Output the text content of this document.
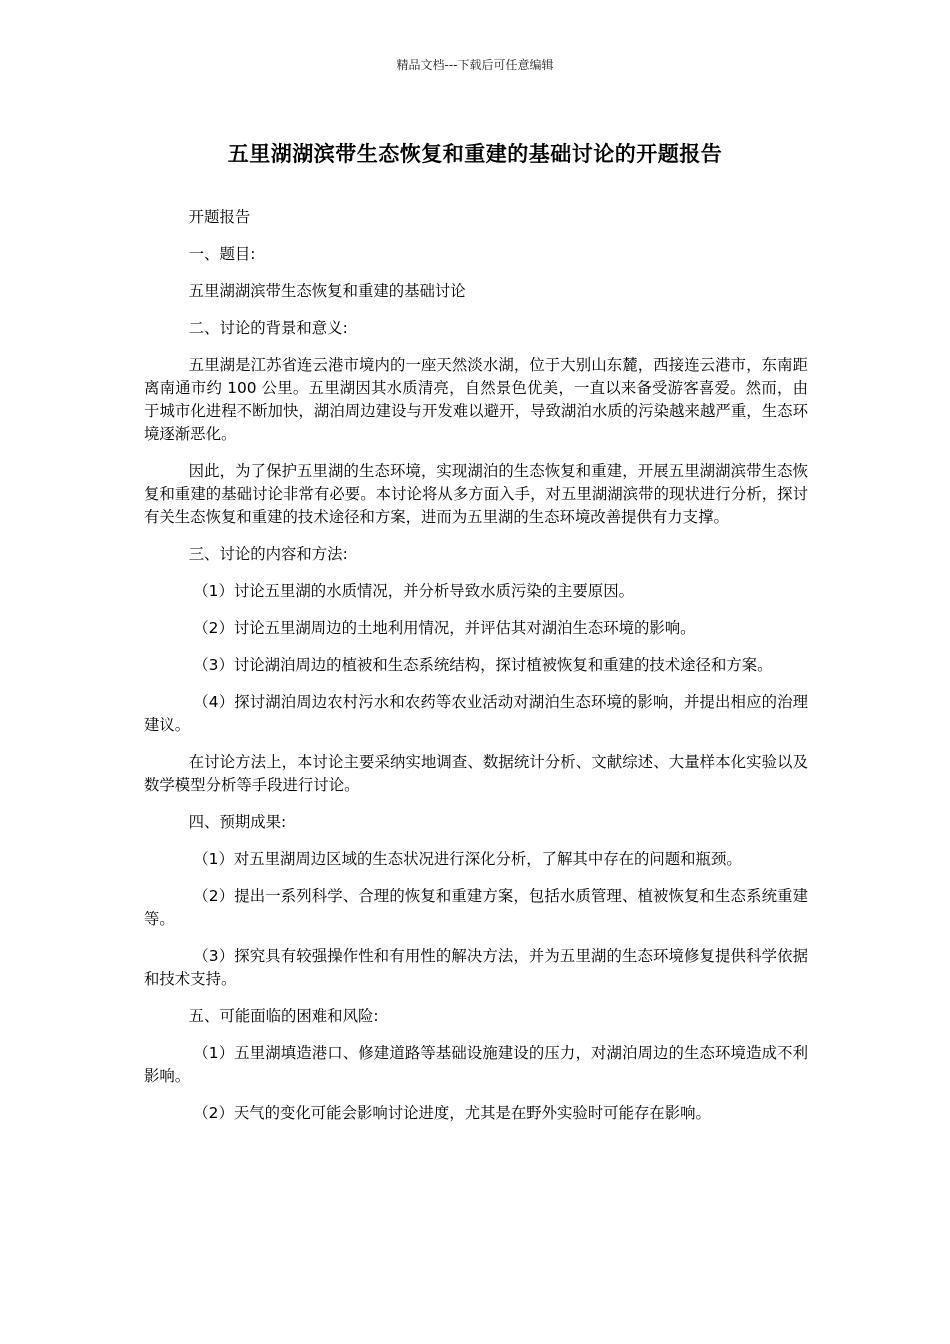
精品文档---下载后可任意编辑
五里湖湖滨带生态恢复和重建的基础讨论的开题报告

开题报告

一、题目:

五里湖湖滨带生态恢复和重建的基础讨论

二、讨论的背景和意义:

五里湖是江苏省连云港市境内的一座天然淡水湖，位于大别山东麓，西接连云港市，东南距离南通市约 100 公里。五里湖因其水质清亮，自然景色优美，一直以来备受游客喜爱。然而，由于城市化进程不断加快，湖泊周边建设与开发难以避开，导致湖泊水质的污染越来越严重，生态环境逐渐恶化。

因此，为了保护五里湖的生态环境，实现湖泊的生态恢复和重建，开展五里湖湖滨带生态恢复和重建的基础讨论非常有必要。本讨论将从多方面入手，对五里湖湖滨带的现状进行分析，探讨有关生态恢复和重建的技术途径和方案，进而为五里湖的生态环境改善提供有力支撑。

三、讨论的内容和方法:

（1）讨论五里湖的水质情况，并分析导致水质污染的主要原因。

（2）讨论五里湖周边的土地利用情况，并评估其对湖泊生态环境的影响。

（3）讨论湖泊周边的植被和生态系统结构，探讨植被恢复和重建的技术途径和方案。

（4）探讨湖泊周边农村污水和农药等农业活动对湖泊生态环境的影响，并提出相应的治理建议。

在讨论方法上，本讨论主要采纳实地调查、数据统计分析、文献综述、大量样本化实验以及数学模型分析等手段进行讨论。

四、预期成果:

（1）对五里湖周边区域的生态状况进行深化分析，了解其中存在的问题和瓶颈。

（2）提出一系列科学、合理的恢复和重建方案，包括水质管理、植被恢复和生态系统重建等。

（3）探究具有较强操作性和有用性的解决方法，并为五里湖的生态环境修复提供科学依据和技术支持。

五、可能面临的困难和风险:

（1）五里湖填造港口、修建道路等基础设施建设的压力，对湖泊周边的生态环境造成不利影响。

（2）天气的变化可能会影响讨论进度，尤其是在野外实验时可能存在影响。
